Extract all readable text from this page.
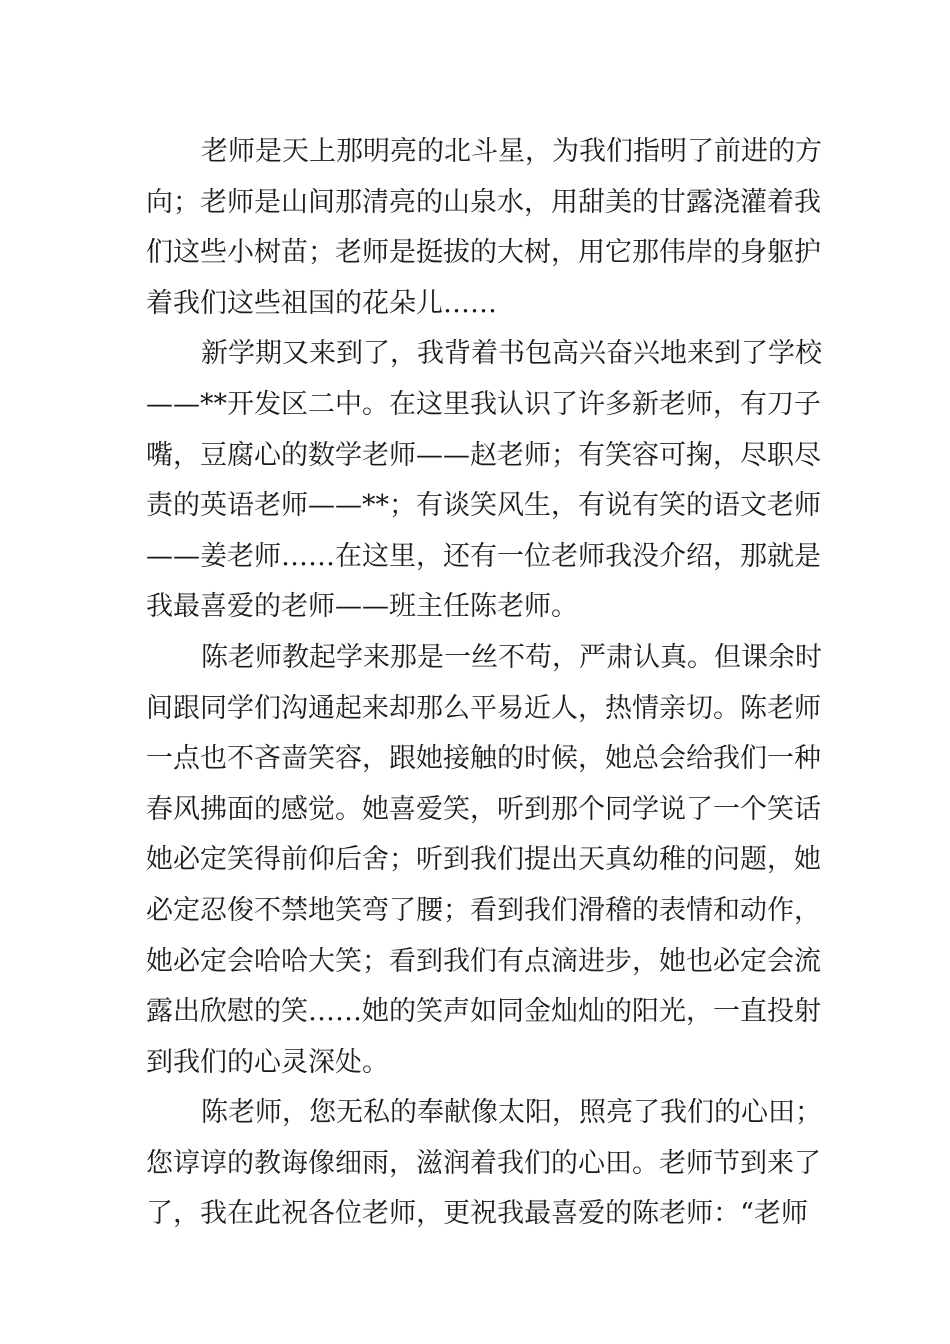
老师是天上那明亮的北斗星，为我们指明了前进的方
向；老师是山间那清亮的山泉水，用甜美的甘露浇灌着我
们这些小树苗；老师是挺拔的大树，用它那伟岸的身躯护
着我们这些祖国的花朵儿……
新学期又来到了，我背着书包高兴奋兴地来到了学校
——**开发区二中。在这里我认识了许多新老师，有刀子
嘴，豆腐心的数学老师——赵老师；有笑容可掬，尽职尽
责的英语老师——**；有谈笑风生，有说有笑的语文老师
——姜老师……在这里，还有一位老师我没介绍，那就是
我最喜爱的老师——班主任陈老师。
陈老师教起学来那是一丝不苟，严肃认真。但课余时
间跟同学们沟通起来却那么平易近人，热情亲切。陈老师
一点也不吝啬笑容，跟她接触的时候，她总会给我们一种
春风拂面的感觉。她喜爱笑，听到那个同学说了一个笑话
她必定笑得前仰后舍；听到我们提出天真幼稚的问题，她
必定忍俊不禁地笑弯了腰；看到我们滑稽的表情和动作，
她必定会哈哈大笑；看到我们有点滴进步，她也必定会流
露出欣慰的笑……她的笑声如同金灿灿的阳光，一直投射
到我们的心灵深处。
陈老师，您无私的奉献像太阳，照亮了我们的心田；
您谆谆的教诲像细雨，滋润着我们的心田。老师节到来了
了，我在此祝各位老师，更祝我最喜爱的陈老师：“老师
